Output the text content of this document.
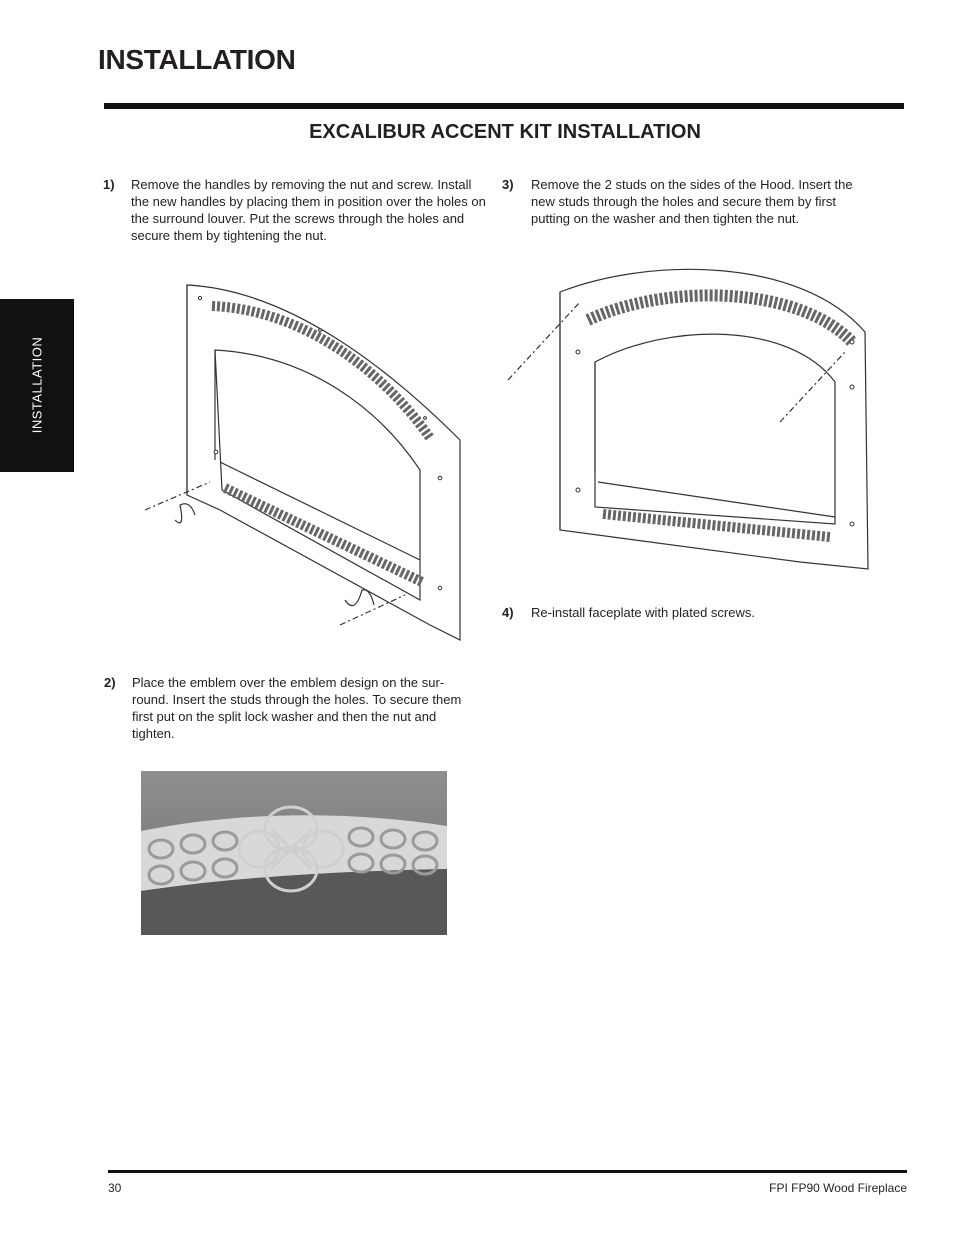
INSTALLATION
EXCALIBUR ACCENT KIT INSTALLATION
INSTALLATION
1) Remove the handles by removing the nut and screw. Install the new handles by placing them in position over the holes on the surround louver. Put the screws through the holes and secure them by tightening the nut.
3) Remove the 2 studs on the sides of the Hood. Insert the new studs through the holes and secure them by first putting on the washer and then tighten the nut.
4) Re-install faceplate with plated screws.
2) Place the emblem over the emblem design on the sur-round. Insert the studs through the holes. To secure them first put on the split lock washer and then the nut and tighten.
30	FPI FP90 Wood Fireplace
